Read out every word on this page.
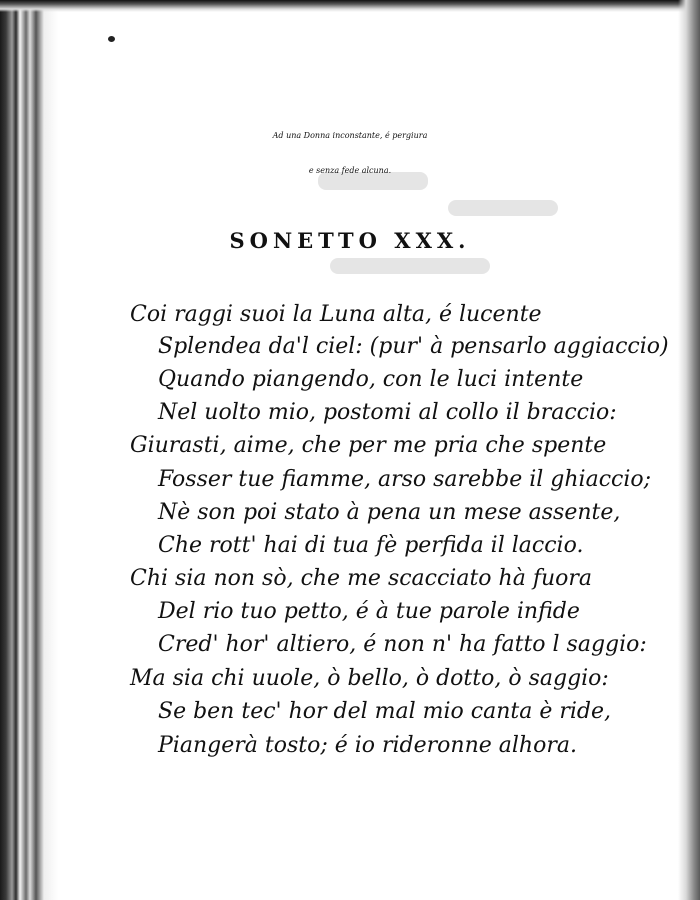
Ad una Donna inconstante, é pergiura
e senza fede alcuna.
SONETTO XXX.
Coi raggi suoi la Luna alta, é lucente
Splendea da'l ciel: (pur' à pensarlo aggiaccio)
Quando piangendo, con le luci intente
Nel uolto mio, postomi al collo il braccio:
Giurasti, aime, che per me pria che spente
Fosser tue fiamme, arso sarebbe il ghiaccio;
Nè son poi stato à pena un mese assente,
Che rott' hai di tua fè perfida il laccio.
Chi sia non sò, che me scacciato hà fuora
Del rio tuo petto, é à tue parole infide
Cred' hor' altiero, é non n' ha fatto l saggio:
Ma sia chi uuole, ò bello, ò dotto, ò saggio:
Se ben tec' hor del mal mio canta è ride,
Piangerà tosto; é io rideronne alhora.
